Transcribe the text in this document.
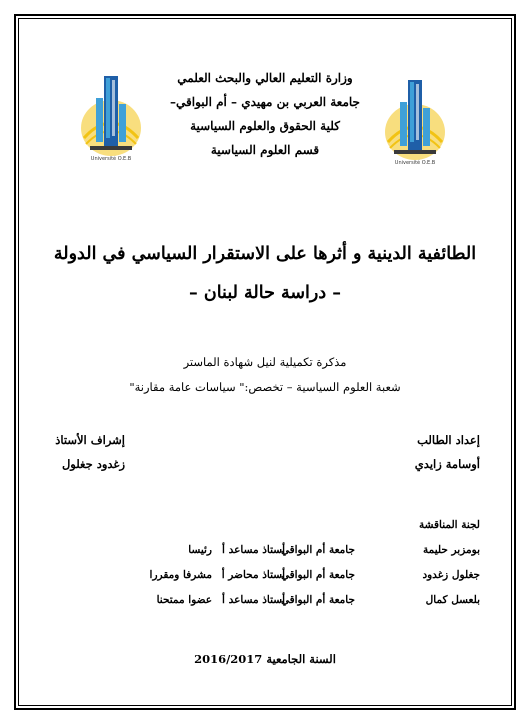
Université O.E.B
Université O.E.B
وزارة التعليم العالي والبحث العلمي
جامعة العربي بن مهيدي – أم البواقي–
كلية الحقوق والعلوم السياسية
قسم العلوم السياسية
الطائفية الدينية و أثرها على الاستقرار السياسي في الدولة
– دراسة حالة لبنان –
مذكرة تكميلية لنيل شهادة الماستر
شعبة العلوم السياسية – تخصص:" سياسات عامة مقارنة"
إعداد الطالب
إشراف الأستاذ
أوسامة زايدي
زغدود جغلول
لجنة المناقشة
بومزبر حليمة
جامعة أم البواقي
أستاذ مساعد أ
رئيسا
جغلول زغدود
جامعة أم البواقي
أستاذ محاضر أ
مشرفا ومقررا
بلعسل كمال
جامعة أم البواقي
أستاذ مساعد أ
عضوا ممتحنا
السنة الجامعية 2016/2017
